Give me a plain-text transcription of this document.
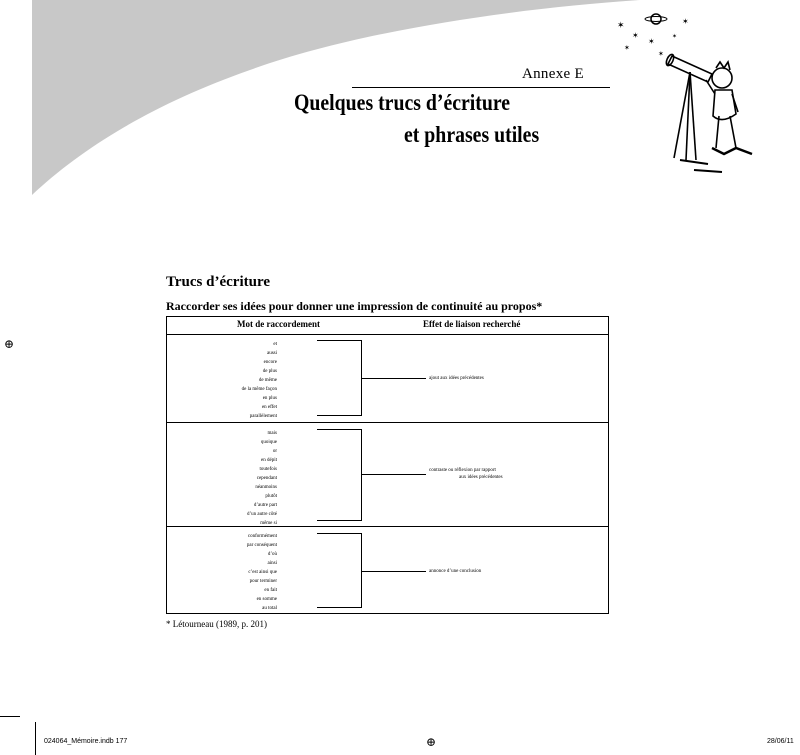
Annexe E
Quelques trucs d’écriture
et phrases utiles
✶
✶
✶
✶
✶
✶
✶
Trucs d’écriture
Raccorder ses idées pour donner une impression de continuité au propos*
Mot de raccordement	Effet de liaison recherché
et
aussi
encore
de plus
de même
de la même façon
en plus
en effet
parallèlement
ajout aux idées précédentes
mais
quoique
or
en dépit
toutefois
cependant
néanmoins
plutôt
d’autre part
d’un autre côté
même si
contraste ou réflexion par rapport
aux idées précédentes
conformément
par conséquent
d’où
ainsi
c’est ainsi que
pour terminer
en fait
en somme
au total
annonce d’une conclusion
* Létourneau (1989, p. 201)
⊕
⊕
024064_Mémoire.indb 177	28/06/11
